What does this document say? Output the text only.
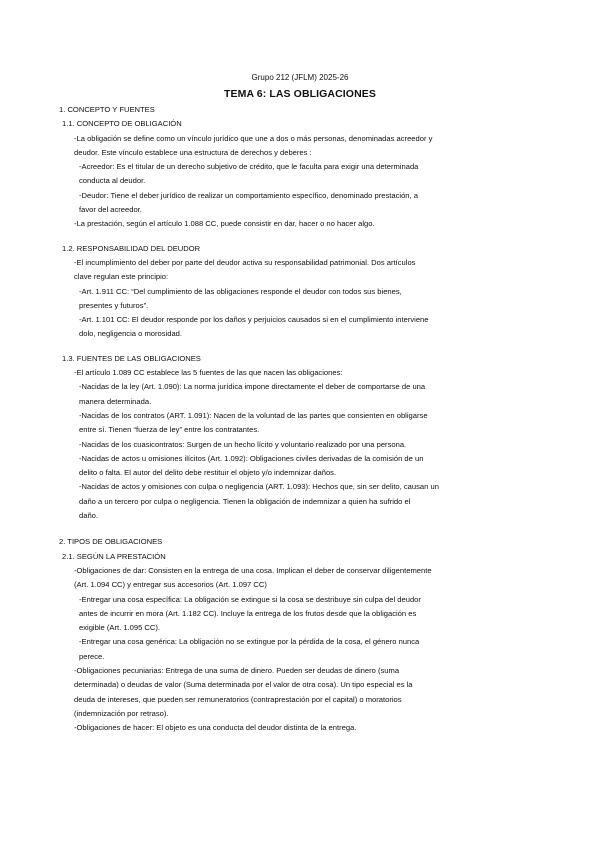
Grupo 212 (JFLM) 2025-26
TEMA 6: LAS OBLIGACIONES
1. CONCEPTO Y FUENTES
1.1. CONCEPTO DE OBLIGACIÓN
-La obligación se define como un vínculo jurídico que une a dos o más personas, denominadas acreedor y
deudor. Este vínculo establece una estructura de derechos y deberes :
-Acreedor: Es el titular de un derecho subjetivo de crédito, que le faculta para exigir una determinada
conducta al deudor.
-Deudor: Tiene el deber jurídico de realizar un comportamiento específico, denominado prestación, a
favor del acreedor.
-La prestación, según el artículo 1.088 CC, puede consistir en dar, hacer o no hacer algo.
1.2. RESPONSABILIDAD DEL DEUDOR
-El incumplimiento del deber por parte del deudor activa su responsabilidad patrimonial. Dos artículos
clave regulan este principio:
-Art. 1.911 CC: “Del cumplimiento de las obligaciones responde el deudor con todos sus bienes,
presentes y futuros”.
-Art. 1.101 CC: El deudor responde por los daños y perjuicios causados si en el cumplimiento interviene
dolo, negligencia o morosidad.
1.3. FUENTES DE LAS OBLIGACIONES
-El artículo 1.089 CC establece las 5 fuentes de las que nacen las obligaciones:
-Nacidas de la ley (Art. 1.090): La norma jurídica impone directamente el deber de comportarse de una
manera determinada.
-Nacidas de los contratos (ART. 1.091): Nacen de la voluntad de las partes que consienten en obligarse
entre sí. Tienen “fuerza de ley” entre los contratantes.
-Nacidas de los cuasicontratos: Surgen de un hecho lícito y voluntario realizado por una persona.
-Nacidas de actos u omisiones ilícitos (Art. 1.092): Obligaciones civiles derivadas de la comisión de un
delito o falta. El autor del delito debe restituir el objeto y/o indemnizar daños.
-Nacidas de actos y omisiones con culpa o negligencia (ART. 1.093): Hechos que, sin ser delito, causan un
daño a un tercero por culpa o negligencia. Tienen la obligación de indemnizar a quien ha sufrido el
daño.
2. TIPOS DE OBLIGACIONES
2.1. SEGÚN LA PRESTACIÓN
-Obligaciones de dar: Consisten en la entrega de una cosa. Implican el deber de conservar diligentemente
(Art. 1.094 CC) y entregar sus accesorios (Art. 1.097 CC)
-Entregar una cosa específica: La obligación se extingue si la cosa se destribuye sin culpa del deudor
antes de incurrir en mora (Art. 1.182 CC). Incluye la entrega de los frutos desde que la obligación es
exigible (Art. 1.095 CC).
-Entregar una cosa genérica: La obligación no se extingue por la pérdida de la cosa, el género nunca
perece.
-Obligaciones pecuniarias: Entrega de una suma de dinero. Pueden ser deudas de dinero (suma
determinada) o deudas de valor (Suma determinada por el valor de otra cosa). Un tipo especial es la
deuda de intereses, que pueden ser remuneratorios (contraprestación por el capital) o moratorios
(indemnización por retraso).
-Obligaciones de hacer: El objeto es una conducta del deudor distinta de la entrega.
